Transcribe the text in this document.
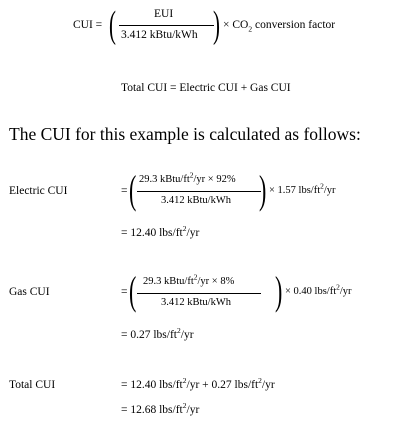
CUI = (	EUI
3.412 kBtu/kWh ) × $CO_2$ conversion factor
Total CUI = Electric CUI + Gas CUI
The CUI for this example is calculated as follows:
Electric CUI	= ( 29.3 kBtu/$ft^2/yr \times 92\%$
3.412 kBtu/kWh ) × 1.57 lbs/$ft^2/yr$
= 12.40 lbs/$ft^2/yr$
Gas CUI	= ( 29.3 kBtu/$ft^2/yr \times 8\%$
3.412 kBtu/kWh ) × 0.40 lbs/$ft^2/yr$
= 0.27 lbs/$ft^2/yr$
Total CUI	= 12.40 lbs/$ft^2/yr + 0.27$ lbs/$ft^2/yr$
= 12.68 lbs/$ft^2/yr$
